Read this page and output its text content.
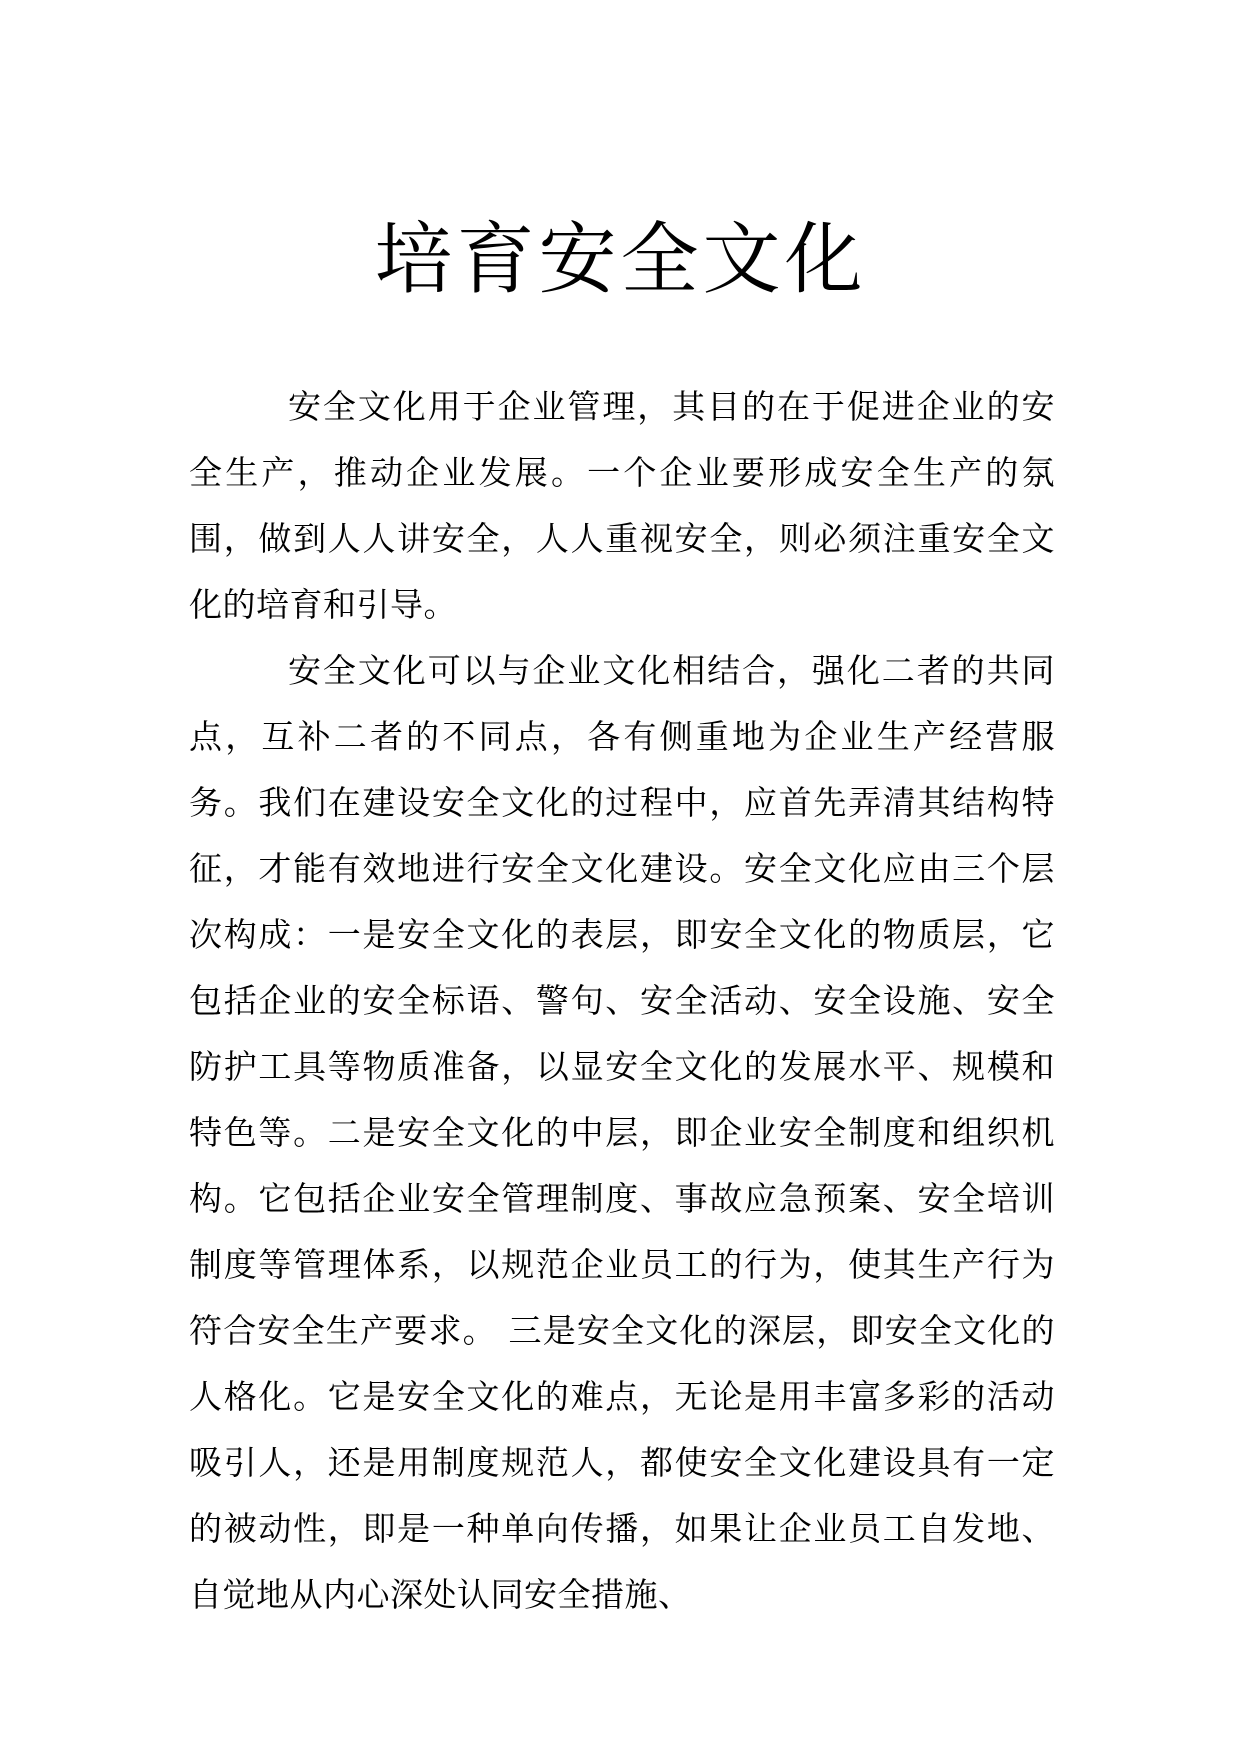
培育安全文化

安全文化用于企业管理，其目的在于促进企业的安全生产，推动企业发展。一个企业要形成安全生产的氛围，做到人人讲安全，人人重视安全，则必须注重安全文化的培育和引导。

安全文化可以与企业文化相结合，强化二者的共同点，互补二者的不同点，各有侧重地为企业生产经营服务。我们在建设安全文化的过程中，应首先弄清其结构特征，才能有效地进行安全文化建设。安全文化应由三个层次构成：一是安全文化的表层，即安全文化的物质层，它包括企业的安全标语、警句、安全活动、安全设施、安全防护工具等物质准备，以显安全文化的发展水平、规模和特色等。二是安全文化的中层，即企业安全制度和组织机构。它包括企业安全管理制度、事故应急预案、安全培训制度等管理体系，以规范企业员工的行为，使其生产行为符合安全生产要求。 三是安全文化的深层，即安全文化的人格化。它是安全文化的难点，无论是用丰富多彩的活动吸引人，还是用制度规范人，都使安全文化建设具有一定的被动性，即是一种单向传播，如果让企业员工自发地、自觉地从内心深处认同安全措施、
